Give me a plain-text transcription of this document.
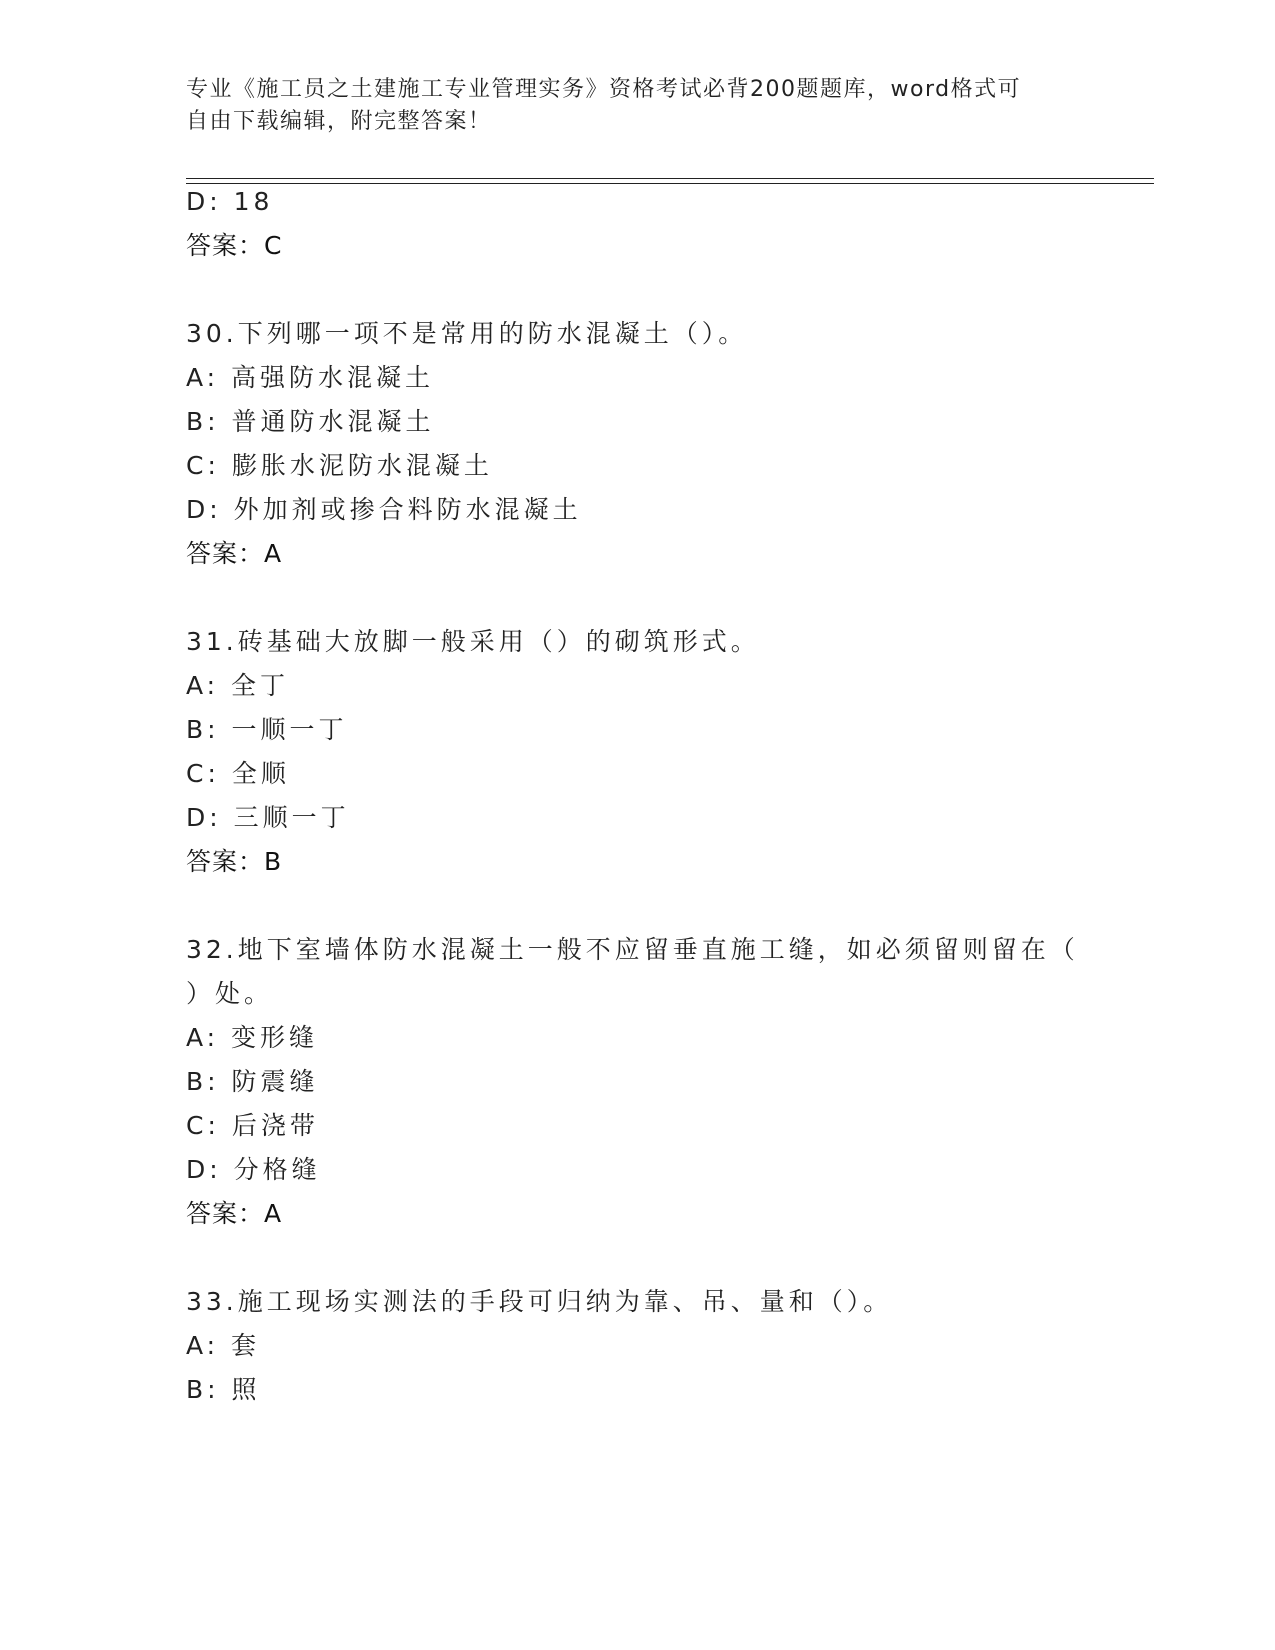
专业《施工员之土建施工专业管理实务》资格考试必背200题题库，word格式可
自由下载编辑，附完整答案！
D: 18
答案：C
30.下列哪一项不是常用的防水混凝土（）。
A: 高强防水混凝土
B: 普通防水混凝土
C: 膨胀水泥防水混凝土
D: 外加剂或掺合料防水混凝土
答案：A
31.砖基础大放脚一般采用（）的砌筑形式。
A: 全丁
B: 一顺一丁
C: 全顺
D: 三顺一丁
答案：B
32.地下室墙体防水混凝土一般不应留垂直施工缝，如必须留则留在（
）处。
A: 变形缝
B: 防震缝
C: 后浇带
D: 分格缝
答案：A
33.施工现场实测法的手段可归纳为靠、吊、量和（）。
A: 套
B: 照
